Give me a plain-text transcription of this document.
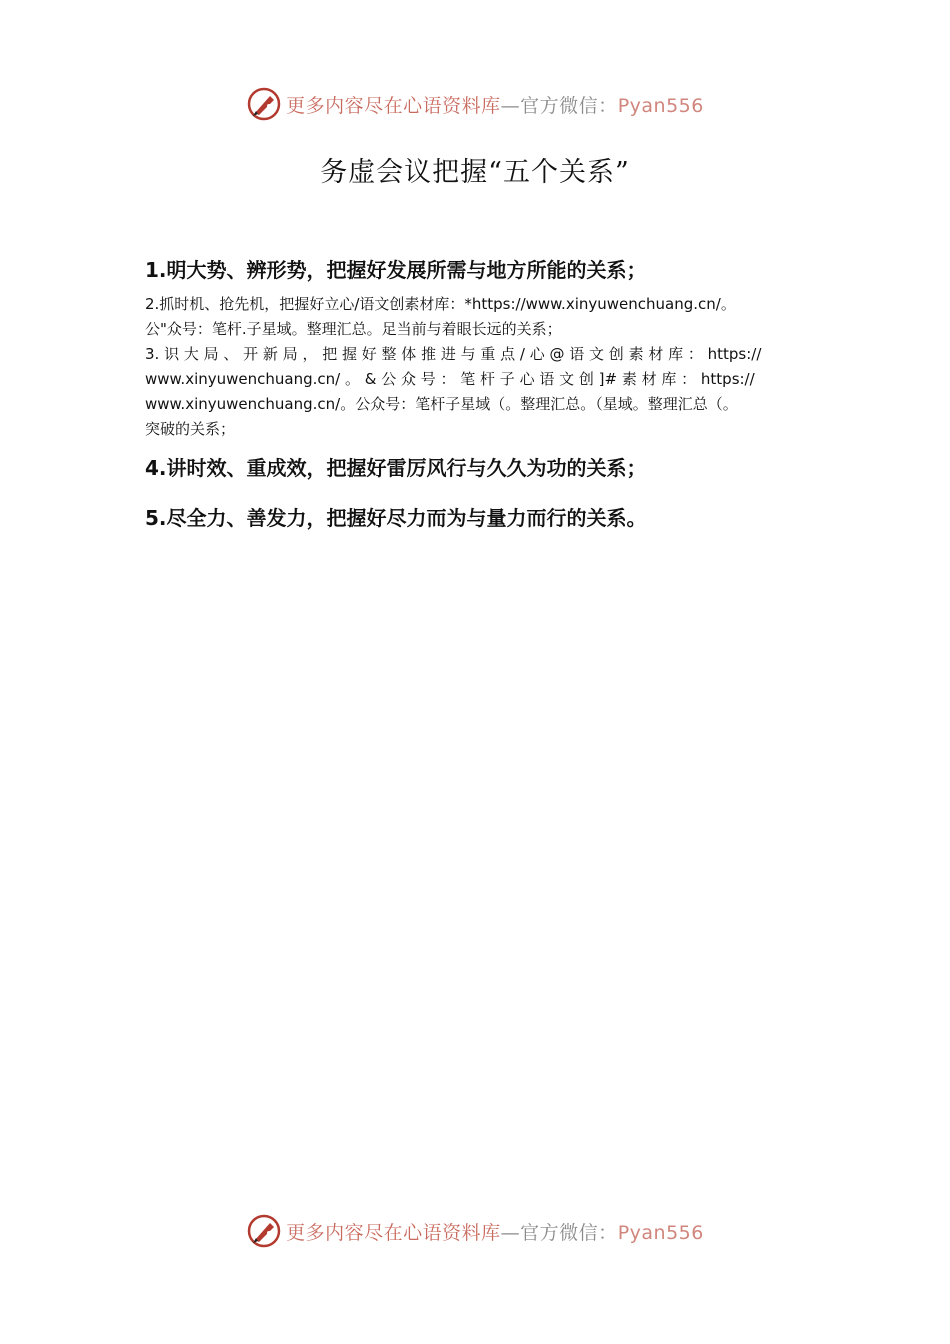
更多内容尽在心语资料库—官方微信：Pyan556
务虚会议把握“五个关系”

1.明大势、辨形势，把握好发展所需与地方所能的关系；

2.抓时机、抢先机，把握好立心/语文创素材库：*https://www.xinyuwenchuang.cn/。
公"众号：笔杆.子星域。整理汇总。足当前与着眼长远的关系；

3. 识 大 局 、 开 新 局 ， 把 握 好 整 体 推 进 与 重 点 / 心 @ 语 文 创 素 材 库 ： https://
www.xinyuwenchuang.cn/ 。 & 公 众 号 ： 笔 杆 子 心 语 文 创 ]# 素 材 库 ： https://
www.xinyuwenchuang.cn/。公众号：笔杆子星域（。整理汇总。（星域。整理汇总（。
突破的关系；

4.讲时效、重成效，把握好雷厉风行与久久为功的关系；

5.尽全力、善发力，把握好尽力而为与量力而行的关系。

更多内容尽在心语资料库—官方微信：Pyan556
